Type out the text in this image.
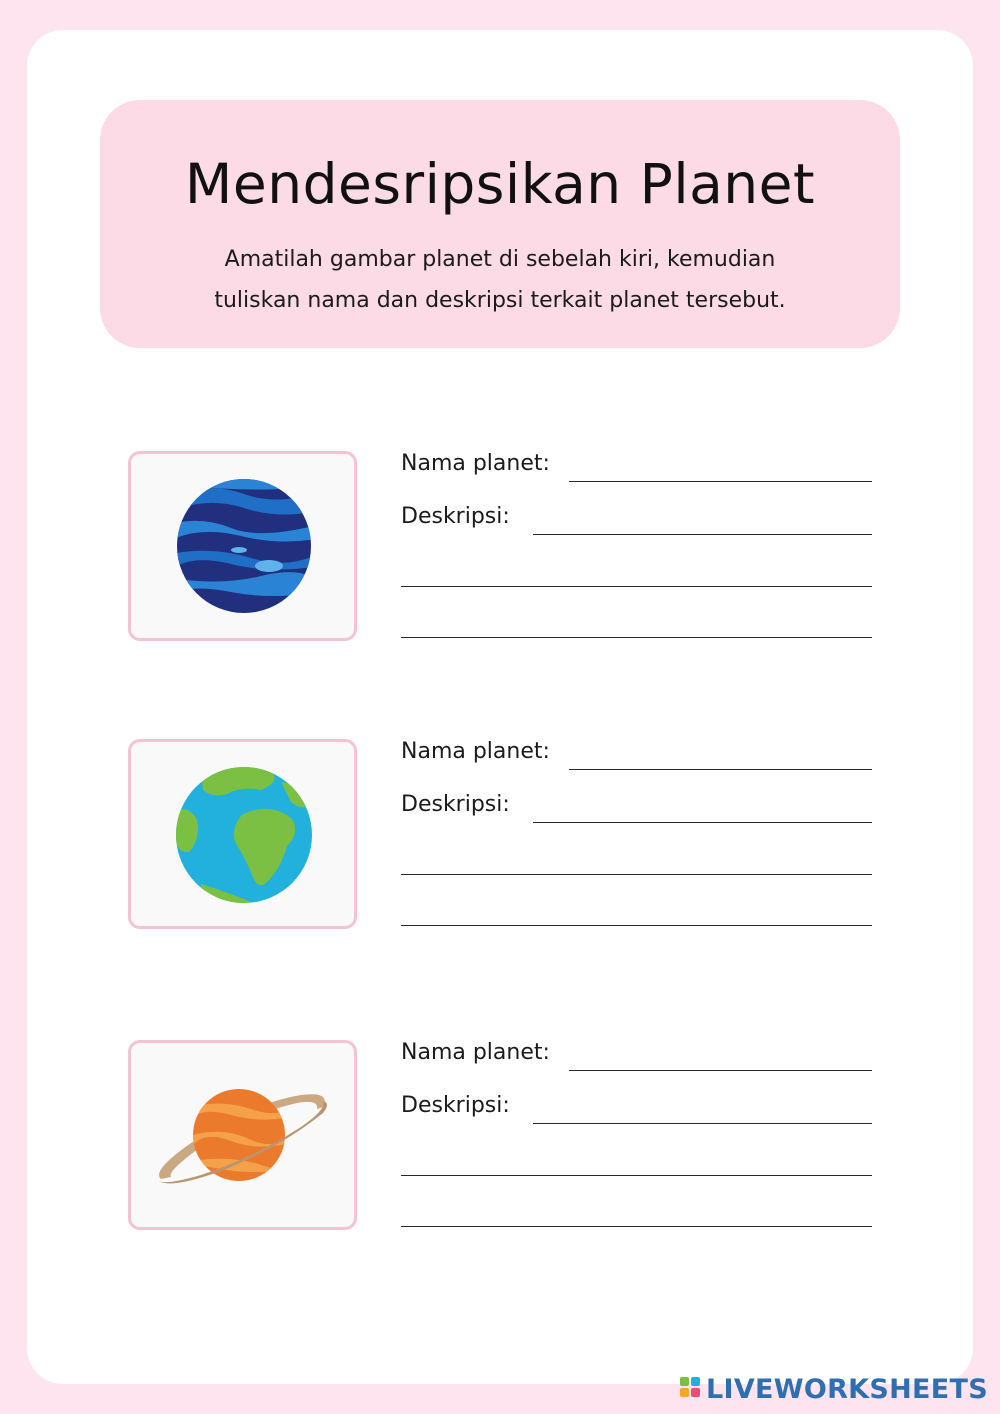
Mendesripsikan Planet
Amatilah gambar planet di sebelah kiri, kemudian
tuliskan nama dan deskripsi terkait planet tersebut.
Nama planet:
Deskripsi:
Nama planet:
Deskripsi:
Nama planet:
Deskripsi:
LIVEWORKSHEETS
